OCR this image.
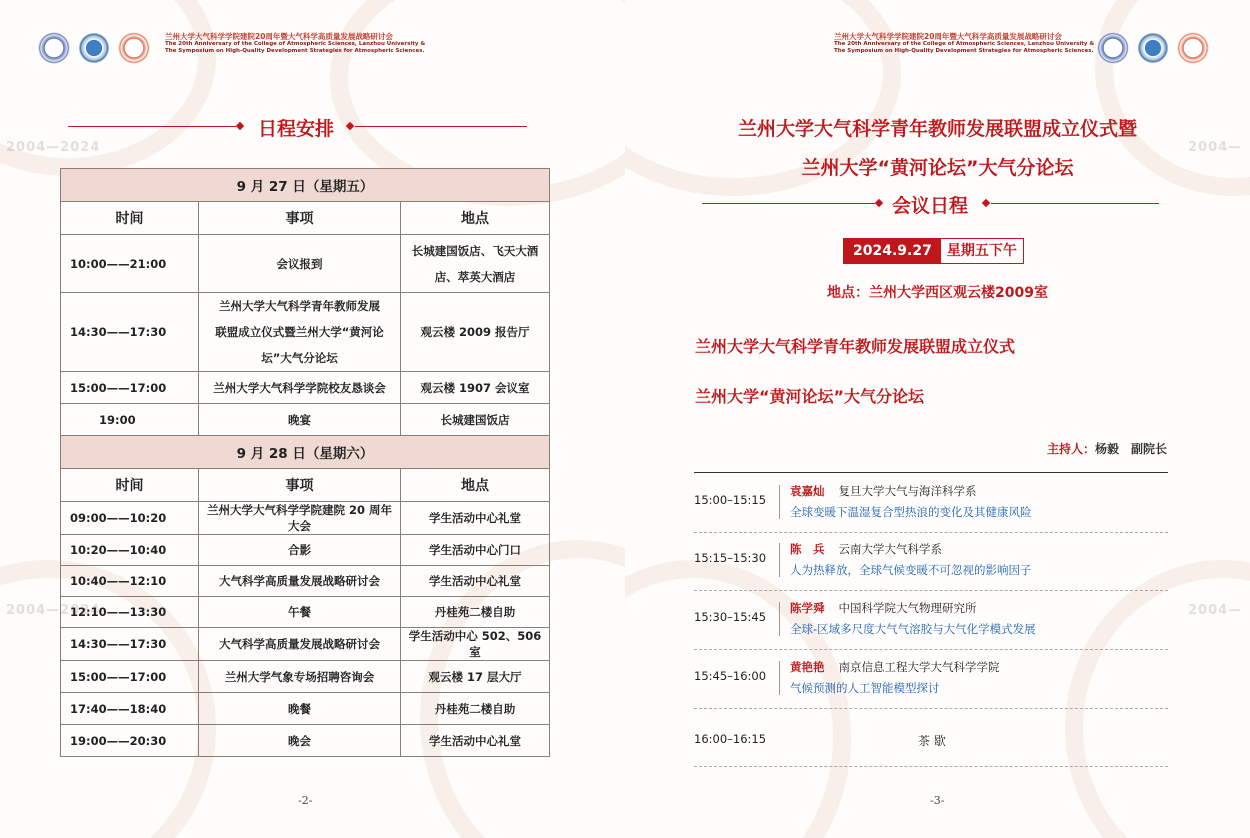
2004—2024
2004—2024
兰州大学大气科学学院建院20周年暨大气科学高质量发展战略研讨会
The 20th Anniversary of the College of Atmospheric Sciences, Lanzhou University &
The Symposium on High-Quality Development Strategies for Atmospheric Sciences.
日程安排
9 月 27 日（星期五）		
时间	事项	地点
10:00——21:00	会议报到	长城建国饭店、飞天大酒店、萃英大酒店
14:30——17:30	兰州大学大气科学青年教师发展联盟成立仪式暨兰州大学“黄河论坛”大气分论坛	观云楼 2009 报告厅
15:00——17:00	兰州大学大气科学学院校友恳谈会	观云楼 1907 会议室
19:00	晚宴	长城建国饭店
9 月 28 日（星期六）		
时间	事项	地点
09:00——10:20	兰州大学大气科学学院建院 20 周年大会	学生活动中心礼堂
10:20——10:40	合影	学生活动中心门口
10:40——12:10	大气科学高质量发展战略研讨会	学生活动中心礼堂
12:10——13:30	午餐	丹桂苑二楼自助
14:30——17:30	大气科学高质量发展战略研讨会	学生活动中心 502、506 室
15:00——17:00	兰州大学气象专场招聘咨询会	观云楼 17 层大厅
17:40——18:40	晚餐	丹桂苑二楼自助
19:00——20:30	晚会	学生活动中心礼堂
-2-
2004—
2004—
兰州大学大气科学学院建院20周年暨大气科学高质量发展战略研讨会
The 20th Anniversary of the College of Atmospheric Sciences, Lanzhou University &
The Symposium on High-Quality Development Strategies for Atmospheric Sciences.
兰州大学大气科学青年教师发展联盟成立仪式暨
兰州大学“黄河论坛”大气分论坛
会议日程
2024.9.27	星期五下午
地点：兰州大学西区观云楼2009室
兰州大学大气科学青年教师发展联盟成立仪式
兰州大学“黄河论坛”大气分论坛
主持人：杨毅　副院长
15:00–15:15
袁嘉灿 复旦大学大气与海洋科学系
全球变暖下温湿复合型热浪的变化及其健康风险
15:15–15:30
陈　兵 云南大学大气科学系
人为热释放，全球气候变暖不可忽视的影响因子
15:30–15:45
陈学舜 中国科学院大气物理研究所
全球-区域多尺度大气气溶胶与大气化学模式发展
15:45–16:00
黄艳艳 南京信息工程大学大气科学学院
气候预测的人工智能模型探讨
16:00–16:15	茶 歇
-3-
